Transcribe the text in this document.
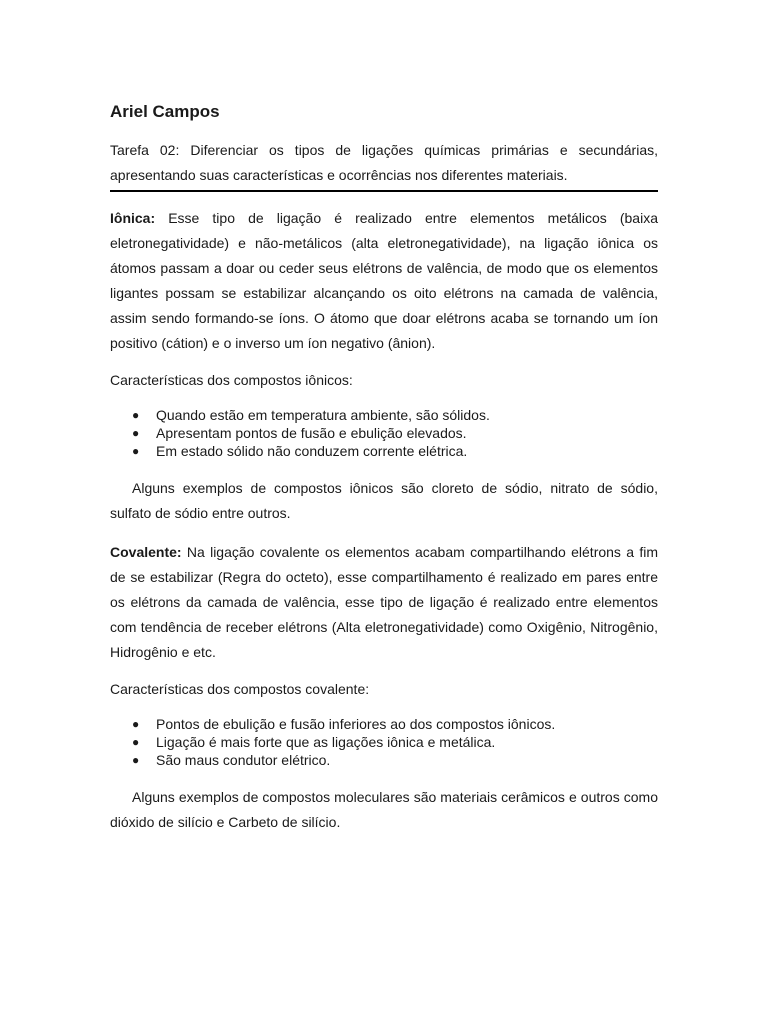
Ariel Campos

Tarefa 02: Diferenciar os tipos de ligações químicas primárias e secundárias, apresentando suas características e ocorrências nos diferentes materiais.

Iônica: Esse tipo de ligação é realizado entre elementos metálicos (baixa eletronegatividade) e não-metálicos (alta eletronegatividade), na ligação iônica os átomos passam a doar ou ceder seus elétrons de valência, de modo que os elementos ligantes possam se estabilizar alcançando os oito elétrons na camada de valência, assim sendo formando-se íons. O átomo que doar elétrons acaba se tornando um íon positivo (cátion) e o inverso um íon negativo (ânion).

Características dos compostos iônicos:

● Quando estão em temperatura ambiente, são sólidos.
● Apresentam pontos de fusão e ebulição elevados.
● Em estado sólido não conduzem corrente elétrica.

Alguns exemplos de compostos iônicos são cloreto de sódio, nitrato de sódio, sulfato de sódio entre outros.

Covalente: Na ligação covalente os elementos acabam compartilhando elétrons a fim de se estabilizar (Regra do octeto), esse compartilhamento é realizado em pares entre os elétrons da camada de valência, esse tipo de ligação é realizado entre elementos com tendência de receber elétrons (Alta eletronegatividade) como Oxigênio, Nitrogênio, Hidrogênio e etc.

Características dos compostos covalente:

● Pontos de ebulição e fusão inferiores ao dos compostos iônicos.
● Ligação é mais forte que as ligações iônica e metálica.
● São maus condutor elétrico.

Alguns exemplos de compostos moleculares são materiais cerâmicos e outros como dióxido de silício e Carbeto de silício.
